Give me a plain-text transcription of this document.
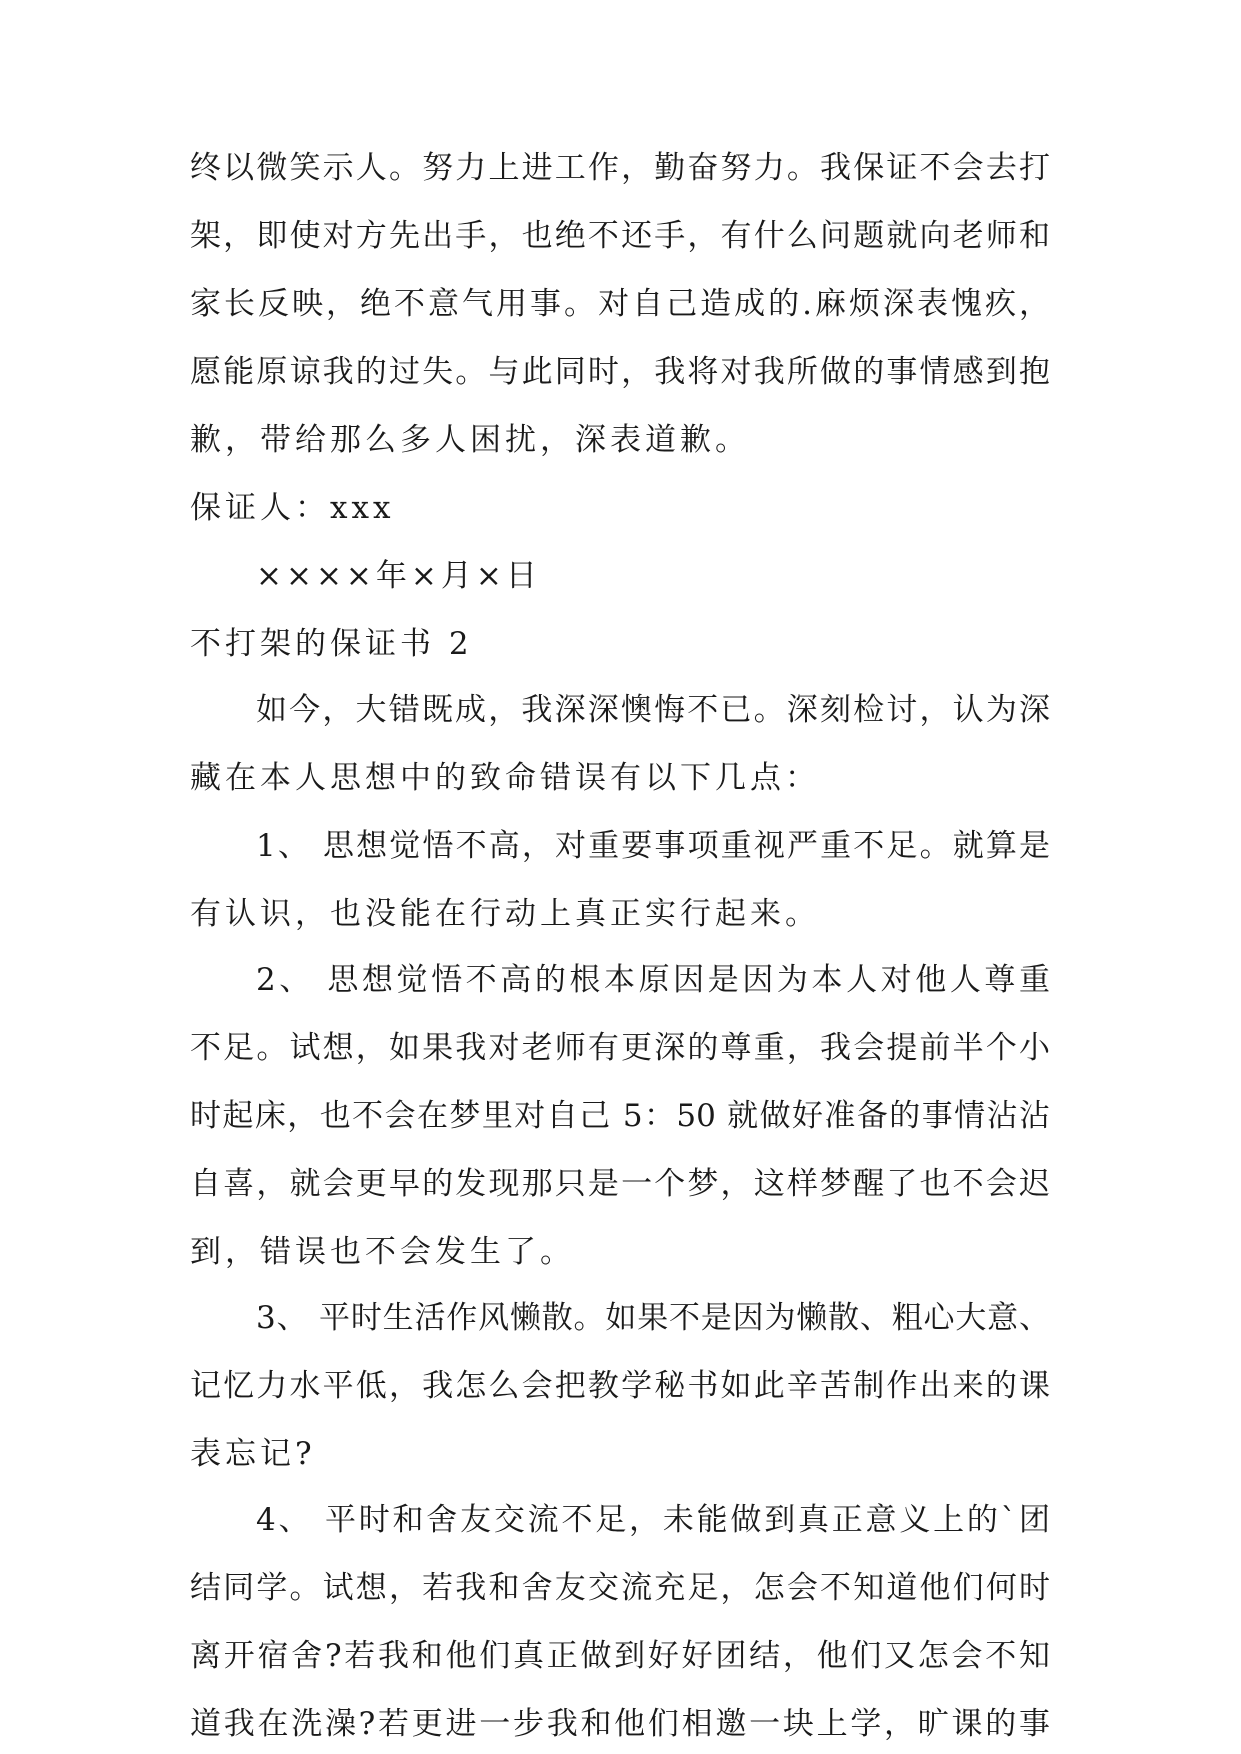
终以微笑示人。努力上进工作，勤奋努力。我保证不会去打
架，即使对方先出手，也绝不还手，有什么问题就向老师和
家长反映，绝不意气用事。对自己造成的.麻烦深表愧疚，
愿能原谅我的过失。与此同时，我将对我所做的事情感到抱
歉，带给那么多人困扰，深表道歉。
保证人：xxx
××××年×月×日
不打架的保证书 2
如今，大错既成，我深深懊悔不已。深刻检讨，认为深
藏在本人思想中的致命错误有以下几点：
1、 思想觉悟不高，对重要事项重视严重不足。就算是
有认识，也没能在行动上真正实行起来。
2、 思想觉悟不高的根本原因是因为本人对他人尊重
不足。试想，如果我对老师有更深的尊重，我会提前半个小
时起床，也不会在梦里对自己 5：50 就做好准备的事情沾沾
自喜，就会更早的发现那只是一个梦，这样梦醒了也不会迟
到，错误也不会发生了。
3、 平时生活作风懒散。如果不是因为懒散、粗心大意、
记忆力水平低，我怎么会把教学秘书如此辛苦制作出来的课
表忘记?
4、 平时和舍友交流不足，未能做到真正意义上的`团
结同学。试想，若我和舍友交流充足，怎会不知道他们何时
离开宿舍?若我和他们真正做到好好团结，他们又怎会不知
道我在洗澡?若更进一步我和他们相邀一块上学，旷课的事
